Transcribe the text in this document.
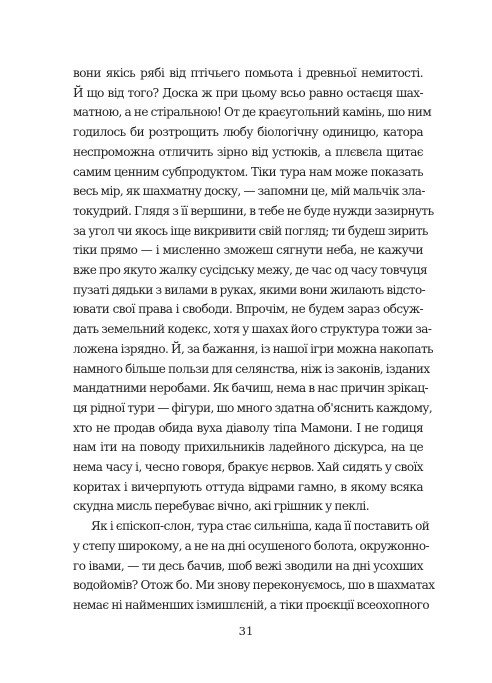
вони якісь рябі від птічьего помьота і древньої немитості.
Й що від того? Доска ж при цьому всьо равно остаєця шах-
матною, а не стіральною! От де краєугольний камінь, шо ним
годилось би розтрощить любу біологічну одиницю, катора
неспроможна отличить зірно від устюків, а плєвєла щитає
самим ценним субпродуктом. Тіки тура нам може показать
весь мір, як шахматну доску, — запомни це, мій мальчік зла-
токудрий. Глядя з її вершини, в тебе не буде нужди зазирнуть
за угол чи якось іще викривити свій погляд; ти будеш зирить
тіки прямо — і мисленно зможеш сягнути неба, не кажучи
вже про якуто жалку сусідську межу, де час од часу товчуця
пузаті дядьки з вилами в руках, якими вони жилають відсто-
ювати свої права і свободи. Впрочім, не будем зараз обсуж-
дать земельний кодекс, хотя у шахах його структура тожи за-
ложена ізрядно. Й, за бажання, із нашої ігри можна накопать
намного більше пользи для селянства, ніж із законів, ізданих
мандатними неробами. Як бачиш, нема в нас причин зрікац-
ця рідної тури — фігури, шо много здатна об'яснить каждому,
хто не продав обида вуха діаволу тіпа Мамони. І не годиця
нам іти на поводу прихильників ладейного діскурса, на це
нема часу і, чесно говоря, бракує нєрвов. Хай сидять у своїх
коритах і вичерпують оттуда відрами гамно, в якому всяка
скудна мисль перебуває вічно, акі грішник у пеклі.
Як і єпіскоп-слон, тура стає сильніша, када її поставить ой
у степу широкому, а не на дні осушеного болота, окружонно-
го івами, — ти десь бачив, шоб вежі зводили на дні усохших
водойомів? Отож бо. Ми знову переконуємось, шо в шахматах
немає ні найменших ізмишлєній, а тіки проєкції всеохопного
31
